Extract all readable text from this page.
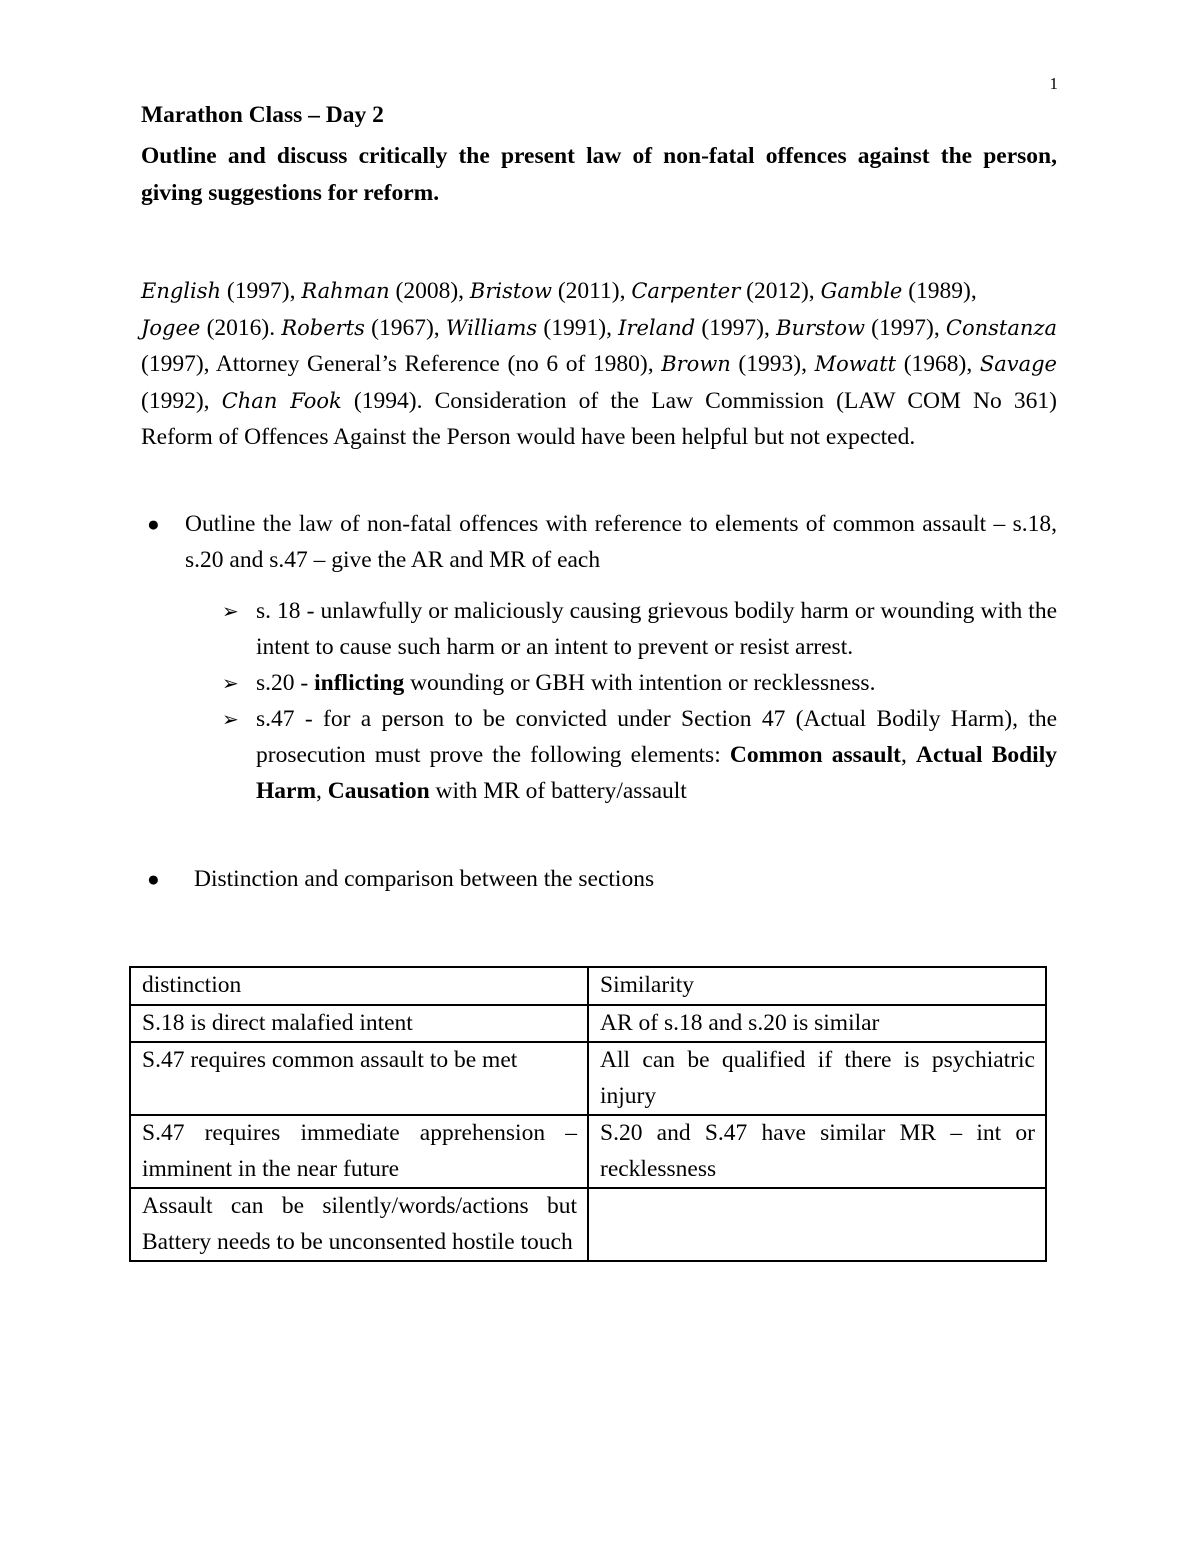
1

Marathon Class – Day 2

Outline and discuss critically the present law of non-fatal offences against the person, giving suggestions for reform.

English (1997), Rahman (2008), Bristow (2011), Carpenter (2012), Gamble (1989),
Jogee (2016). Roberts (1967), Williams (1991), Ireland (1997), Burstow (1997), Constanza (1997), Attorney General’s Reference (no 6 of 1980), Brown (1993), Mowatt (1968), Savage (1992), Chan Fook (1994). Consideration of the Law Commission (LAW COM No 361) Reform of Offences Against the Person would have been helpful but not expected.

● Outline the law of non-fatal offences with reference to elements of common assault – s.18, s.20 and s.47 – give the AR and MR of each
➢ s. 18 - unlawfully or maliciously causing grievous bodily harm or wounding with the intent to cause such harm or an intent to prevent or resist arrest.
➢ s.20 - inflicting wounding or GBH with intention or recklessness.
➢ s.47 - for a person to be convicted under Section 47 (Actual Bodily Harm), the prosecution must prove the following elements: Common assault, Actual Bodily Harm, Causation with MR of battery/assault
● Distinction and comparison between the sections
distinction	Similarity
S.18 is direct malafied intent	AR of s.18 and s.20 is similar
S.47 requires common assault to be met	All can be qualified if there is psychiatric injury
S.47 requires immediate apprehension – imminent in the near future	S.20 and S.47 have similar MR – int or recklessness
Assault can be silently/words/actions but Battery needs to be unconsented hostile touch	
